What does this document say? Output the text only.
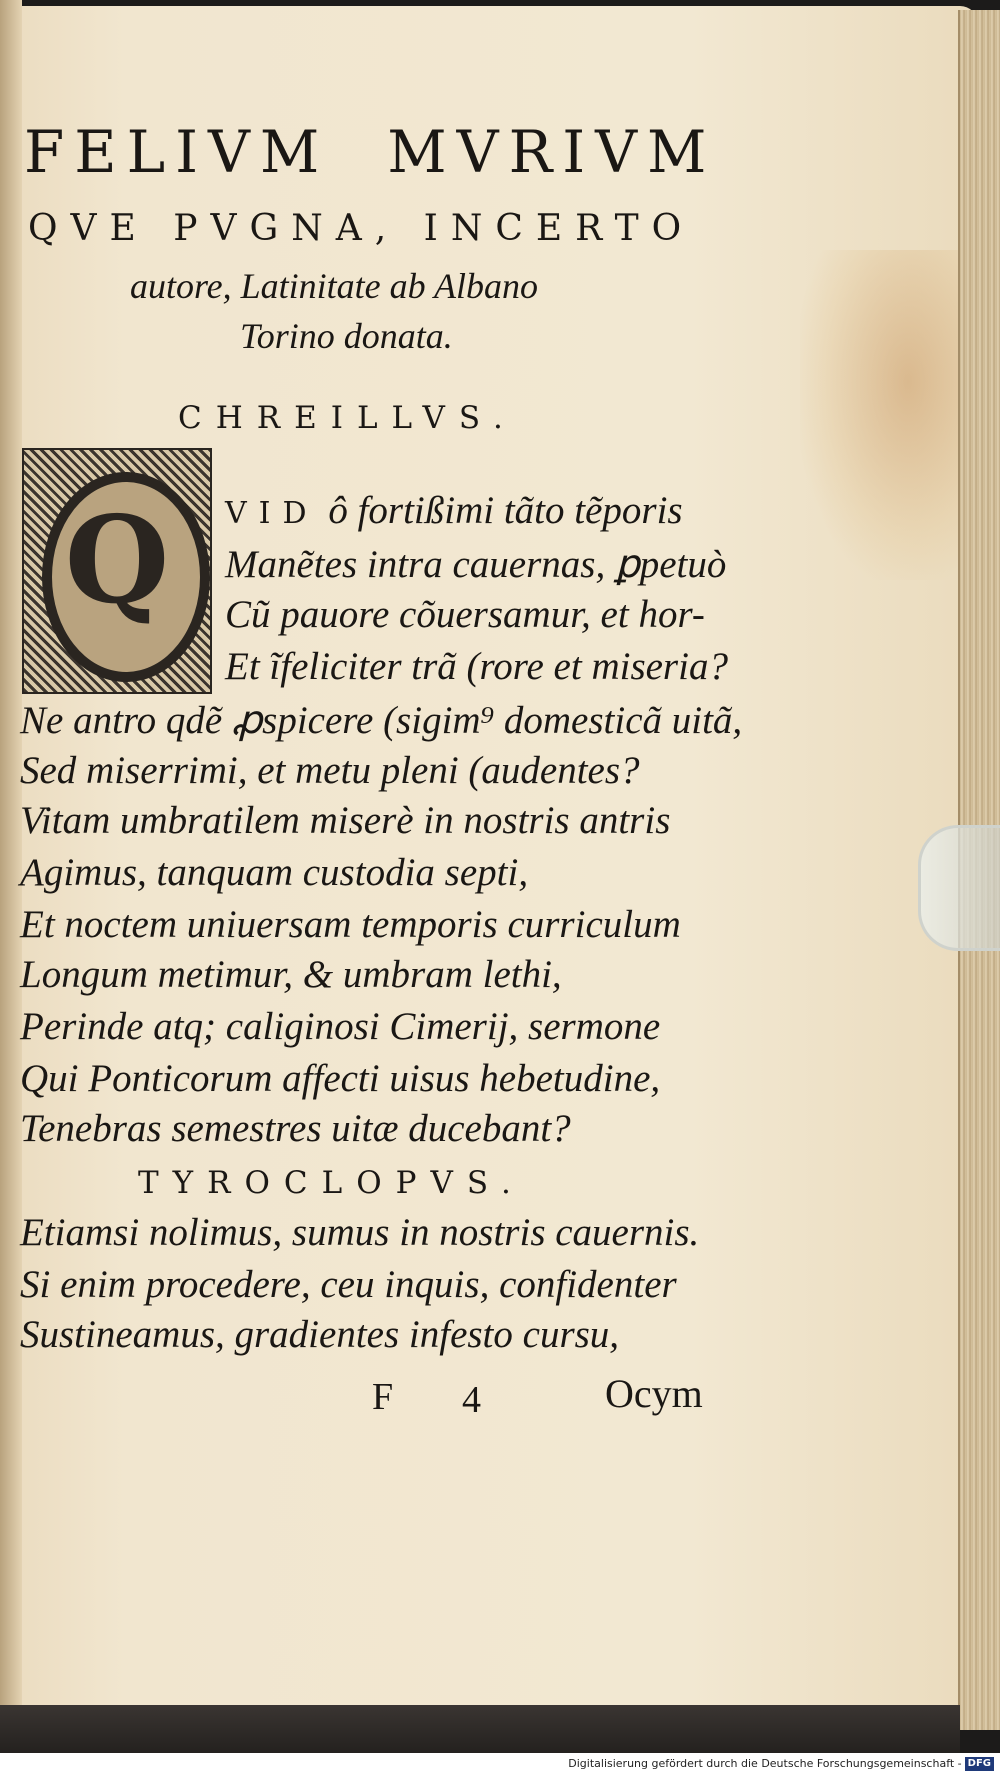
FELIVM MVRIVM
QVE PVGNA, INCERTO
autore, Latinitate ab Albano
Torino donata.
CHREILLVS.
Q	VID ô fortißimi tãto tẽporis
Manẽtes intra cauernas, ꝑpetuò
Cũ pauore cõuersamur, et hor-
Et ĩfeliciter trã (rore et miseria?
Ne antro qdẽ ꝓspicere (sigim⁹ domesticã uitã,
Sed miserrimi, et metu pleni (audentes?
Vitam umbratilem miserè in nostris antris
Agimus, tanquam custodia septi,
Et noctem uniuersam temporis curriculum
Longum metimur, & umbram lethi,
Perinde atq; caliginosi Cimerij, sermone
Qui Ponticorum affecti uisus hebetudine,
Tenebras semestres uitæ ducebant?
TYROCLOPVS.
Etiamsi nolimus, sumus in nostris cauernis.
Si enim procedere, ceu inquis, confidenter
Sustineamus, gradientes infesto cursu,
F 4	Ocym
Digitalisierung gefördert durch die Deutsche Forschungsgemeinschaft - DFG
